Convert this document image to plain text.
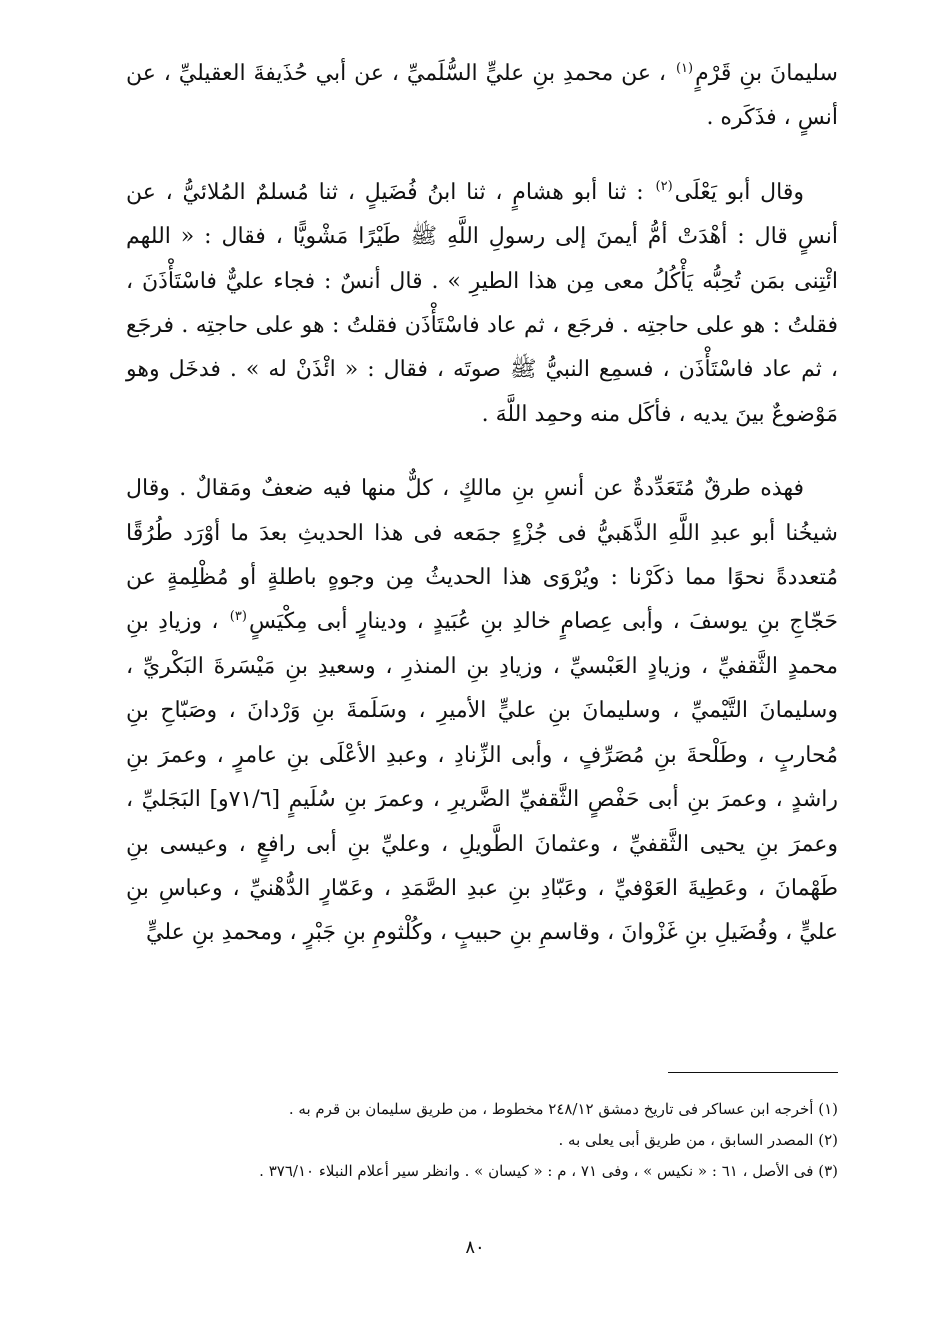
سليمانَ بنِ قَرْمٍ$^{(١)}$ ، عن محمدِ بنِ عليٍّ السُّلَميِّ ، عن أبي حُذَيفةَ العقيليِّ ، عن أنسٍ ، فذَكَره .

وقال أبو يَعْلَى$^{(٢)}$ : ثنا أبو هشامٍ ، ثنا ابنُ فُضَيلٍ ، ثنا مُسلمٌ المُلائيُّ ، عن أنسٍ قال : أهْدَتْ أمُّ أيمنَ إلى رسولِ اللَّهِ ﷺ طَيْرًا مَشْويًّا ، فقال : « اللهم ائْتِنى بمَن تُحِبُّه يَأْكُلُ معى مِن هذا الطيرِ » . قال أنسٌ : فجاء عليٌّ فاسْتَأْذَنَ ، فقلتُ : هو على حاجتِه . فرجَع ، ثم عاد فاسْتَأْذَن فقلتُ : هو على حاجتِه . فرجَع ، ثم عاد فاسْتَأْذَن ، فسمِع النبيُّ ﷺ صوتَه ، فقال : « ائْذَنْ له » . فدخَل وهو مَوْضوعٌ بينَ يديه ، فأكَل منه وحمِد اللَّهَ .

فهذه طرقٌ مُتَعَدِّدةٌ عن أنسِ بنِ مالكٍ ، كلٌّ منها فيه ضعفٌ ومَقالٌ . وقال شيخُنا أبو عبدِ اللَّهِ الذَّهَبيُّ فى جُزْءٍ جمَعه فى هذا الحديثِ بعدَ ما أوْرَد طُرُقًا مُتعددةً نحوًا مما ذكَرْنا : ويُرْوَى هذا الحديثُ مِن وجوهٍ باطلةٍ أو مُظْلِمةٍ عن حَجّاجِ بنِ يوسفَ ، وأبى عِصامٍ خالدِ بنِ عُبَيدٍ ، ودينارٍ أبى مِكْيَسٍ$^{(٣)}$ ، وزيادِ بنِ محمدٍ الثَّقفيِّ ، وزيادٍ العَبْسيِّ ، وزيادِ بنِ المنذرِ ، وسعيدِ بنِ مَيْسَرةَ البَكْريِّ ، وسليمانَ التَّيْميِّ ، وسليمانَ بنِ عليٍّ الأميرِ ، وسَلَمةَ بنِ وَرْدانَ ، وصَبّاحِ بنِ مُحاربٍ ، وطَلْحةَ بنِ مُصَرِّفٍ ، وأبى الزِّنادِ ، وعبدِ الأعْلَى بنِ عامرٍ ، وعمرَ بنِ راشدٍ ، وعمرَ بنِ أبى حَفْصٍ الثَّقفيِّ الضَّريرِ ، وعمرَ بنِ سُلَيمٍ [٧١/٦و] البَجَليِّ ، وعمرَ بنِ يحيى الثَّقفيِّ ، وعثمانَ الطَّويلِ ، وعليِّ بنِ أبى رافعٍ ، وعيسى بنِ طَهْمانَ ، وعَطِيةَ العَوْفيِّ ، وعَبّادِ بنِ عبدِ الصَّمَدِ ، وعَمّارٍ الدُّهْنيِّ ، وعباسِ بنِ عليٍّ ، وفُضَيلِ بنِ غَزْوانَ ، وقاسمِ بنِ حبيبٍ ، وكُلْثومِ بنِ جَبْرٍ ، ومحمدِ بنِ عليٍّ

(١) أخرجه ابن عساكر فى تاريخ دمشق ٢٤٨/١٢ مخطوط ، من طريق سليمان بن قرم به .

(٢) المصدر السابق ، من طريق أبى يعلى به .

(٣) فى الأصل ، ٦١ : « نكيس » ، وفى ٧١ ، م : « كيسان » . وانظر سير أعلام النبلاء ٣٧٦/١٠ .

٨٠
